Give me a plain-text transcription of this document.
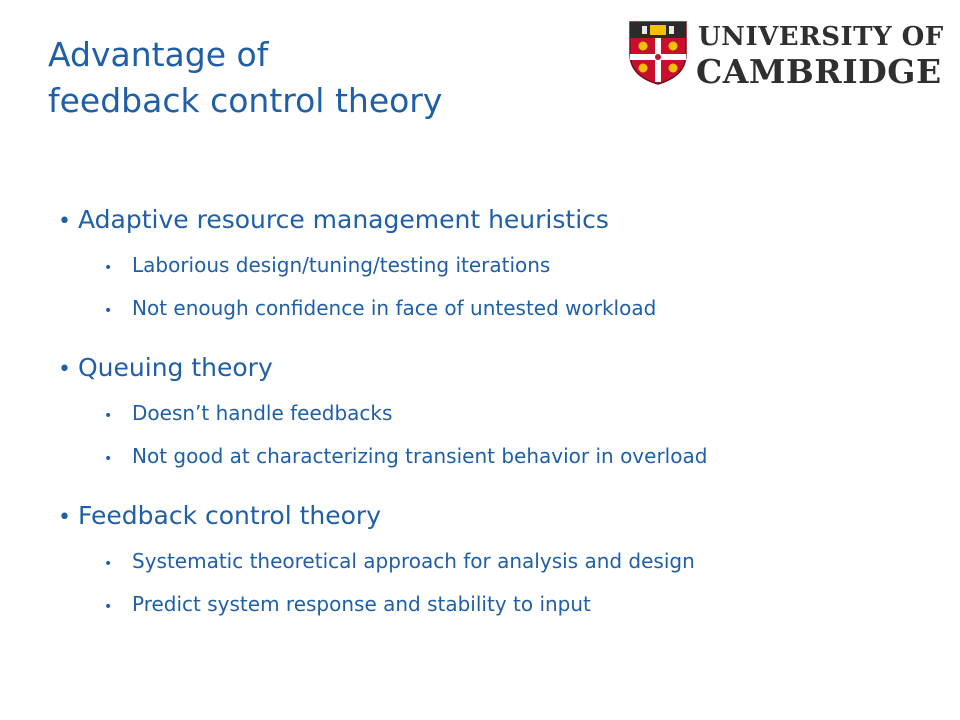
Advantage of
feedback control theory
UNIVERSITY OF
CAMBRIDGE
• Adaptive resource management heuristics
• Laborious design/tuning/testing iterations
• Not enough confidence in face of untested workload
• Queuing theory
• Doesn’t handle feedbacks
• Not good at characterizing transient behavior in overload
• Feedback control theory
• Systematic theoretical approach for analysis and design
• Predict system response and stability to input
